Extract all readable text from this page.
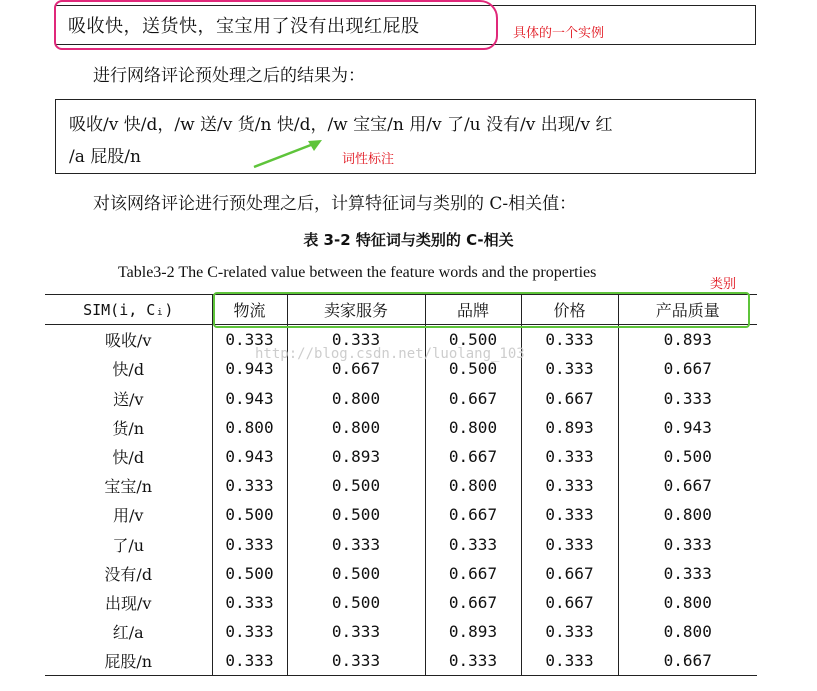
吸收快，送货快，宝宝用了没有出现红屁股	具体的一个实例
进行网络评论预处理之后的结果为：
吸收/v 快/d，/w 送/v 货/n 快/d，/w 宝宝/n 用/v 了/u 没有/v 出现/v 红
/a 屁股/n	词性标注
对该网络评论进行预处理之后，计算特征词与类别的 C-相关值：
表 3-2 特征词与类别的 C-相关
Table3-2 The C-related value between the feature words and the properties
类别
SIM(i, Cᵢ)	物流	卖家服务	品牌	价格	产品质量
吸收/v	0.333	0.333	0.500	0.333	0.893
快/d	0.943	0.667	0.500	0.333	0.667
送/v	0.943	0.800	0.667	0.667	0.333
货/n	0.800	0.800	0.800	0.893	0.943
快/d	0.943	0.893	0.667	0.333	0.500
宝宝/n	0.333	0.500	0.800	0.333	0.667
用/v	0.500	0.500	0.667	0.333	0.800
了/u	0.333	0.333	0.333	0.333	0.333
没有/d	0.500	0.500	0.667	0.667	0.333
出现/v	0.333	0.500	0.667	0.667	0.800
红/a	0.333	0.333	0.893	0.333	0.800
屁股/n	0.333	0.333	0.333	0.333	0.667
http://blog.csdn.net/luolang_103
